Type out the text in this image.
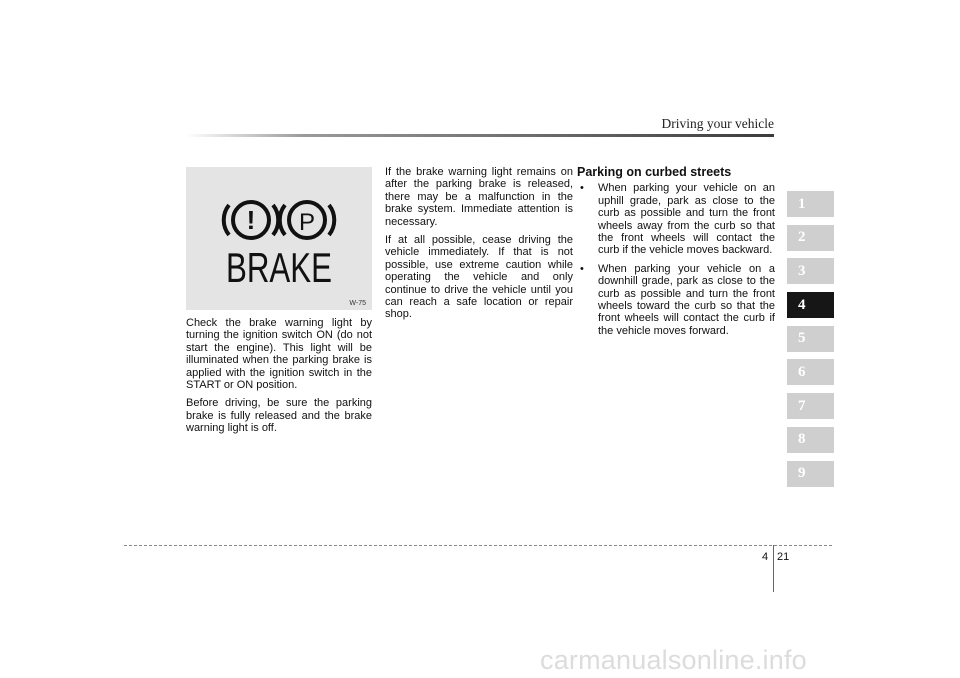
Driving your vehicle
! P
BRAKE
W-75

Check the brake warning light by turning the ignition switch ON (do not start the engine). This light will be illuminated when the parking brake is applied with the ignition switch in the START or ON position.

Before driving, be sure the parking brake is fully released and the brake warning light is off.

If the brake warning light remains on after the parking brake is released, there may be a malfunction in the brake system. Immediate attention is necessary.

If at all possible, cease driving the vehicle immediately. If that is not possible, use extreme caution while operating the vehicle and only continue to drive the vehicle until you can reach a safe location or repair shop.

Parking on curbed streets
• When parking your vehicle on an uphill grade, park as close to the curb as possible and turn the front wheels away from the curb so that the front wheels will contact the curb if the vehicle moves backward.
• When parking your vehicle on a downhill grade, park as close to the curb as possible and turn the front wheels toward the curb so that the front wheels will contact the curb if the vehicle moves forward.
1
2
3
4
5
6
7
8
9
4 21
carmanualsonline.info
